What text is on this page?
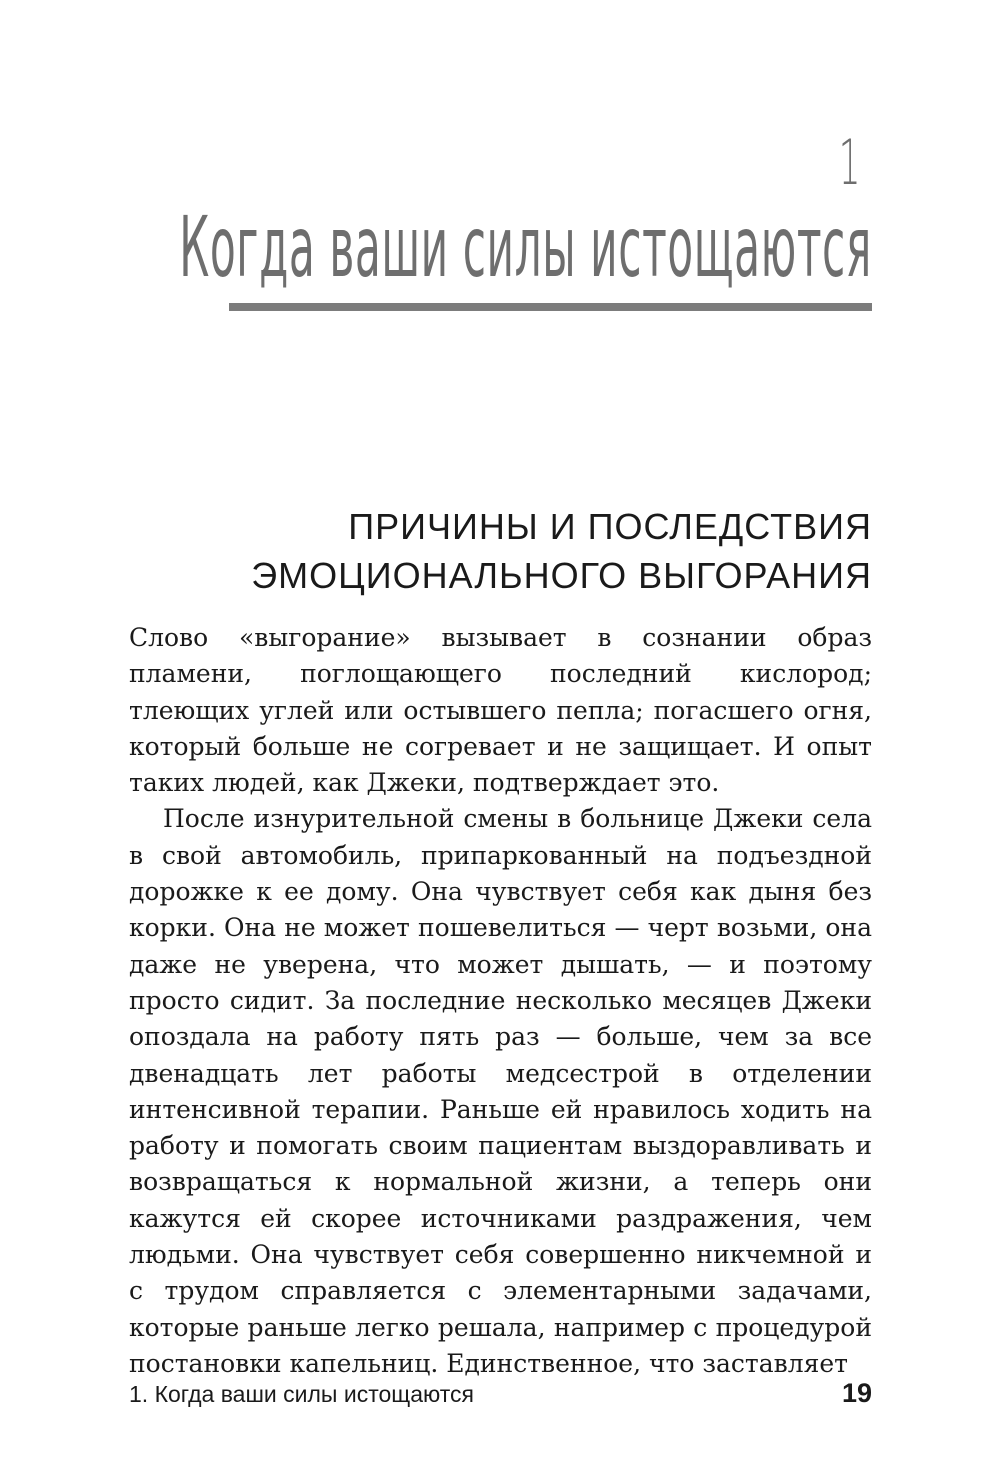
1
Когда ваши силы истощаются
ПРИЧИНЫ И ПОСЛЕДСТВИЯ
ЭМОЦИОНАЛЬНОГО ВЫГОРАНИЯ

Слово «выгорание» вызывает в сознании образ пламени, поглощающего последний кислород; тлеющих углей или остывшего пепла; погасшего огня, который больше не согревает и не защищает. И опыт таких людей, как Джеки, подтверждает это.

После изнурительной смены в больнице Джеки села в свой автомобиль, припаркованный на подъездной дорожке к ее дому. Она чувствует себя как дыня без корки. Она не может пошевелиться — черт возьми, она даже не уверена, что может дышать, — и поэтому просто сидит. За последние несколько месяцев Джеки опоздала на работу пять раз — больше, чем за все двенадцать лет работы медсестрой в отделении интенсивной терапии. Раньше ей нравилось ходить на работу и помогать своим пациентам выздоравливать и возвращаться к нормальной жизни, а теперь они кажутся ей скорее источниками раздражения, чем людьми. Она чувствует себя совершенно никчемной и с трудом справляется с элементарными задачами, которые раньше легко решала, например с процедурой постановки капельниц. Единственное, что заставляет

1. Когда ваши силы истощаются	19
